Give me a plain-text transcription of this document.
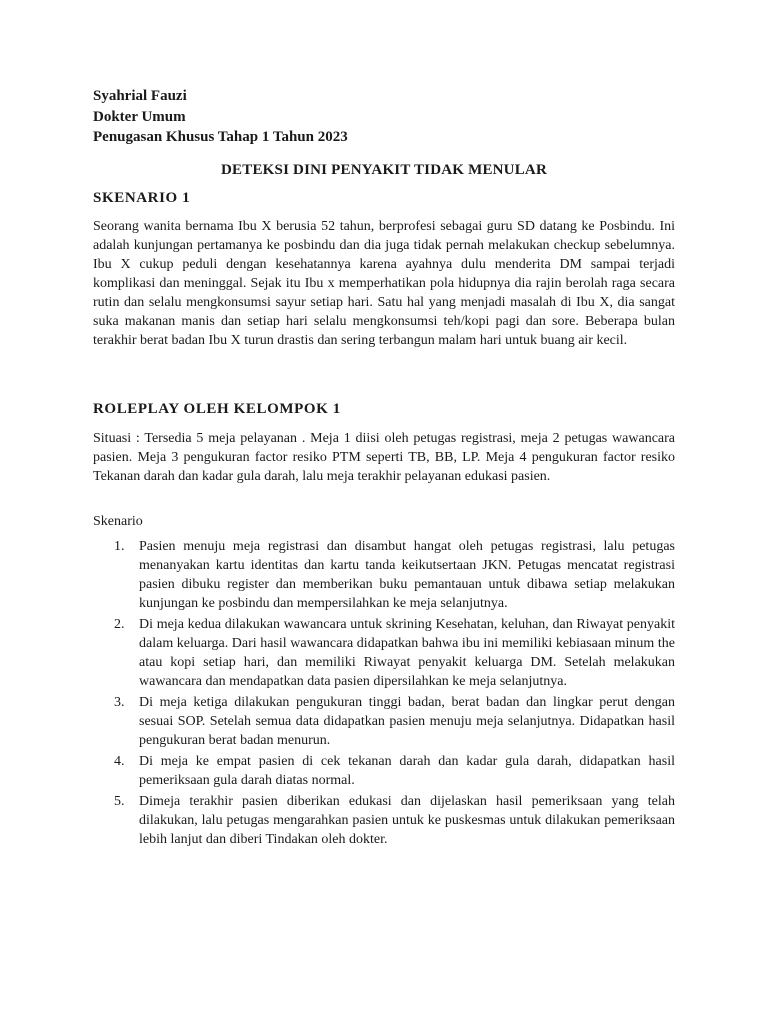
Syahrial Fauzi
Dokter Umum
Penugasan Khusus Tahap 1 Tahun 2023
DETEKSI DINI PENYAKIT TIDAK MENULAR
SKENARIO 1

Seorang wanita bernama Ibu X berusia 52 tahun, berprofesi sebagai guru SD datang ke Posbindu. Ini adalah kunjungan pertamanya ke posbindu dan dia juga tidak pernah melakukan checkup sebelumnya. Ibu X cukup peduli dengan kesehatannya karena ayahnya dulu menderita DM sampai terjadi komplikasi dan meninggal. Sejak itu Ibu x memperhatikan pola hidupnya dia rajin berolah raga secara rutin dan selalu mengkonsumsi sayur setiap hari. Satu hal yang menjadi masalah di Ibu X, dia sangat suka makanan manis dan setiap hari selalu mengkonsumsi teh/kopi pagi dan sore. Beberapa bulan terakhir berat badan Ibu X turun drastis dan sering terbangun malam hari untuk buang air kecil.

ROLEPLAY OLEH KELOMPOK 1

Situasi : Tersedia 5 meja pelayanan . Meja 1 diisi oleh petugas registrasi, meja 2 petugas wawancara pasien. Meja 3 pengukuran factor resiko PTM seperti TB, BB, LP. Meja 4 pengukuran factor resiko Tekanan darah dan kadar gula darah, lalu meja terakhir pelayanan edukasi pasien.

Skenario

1. Pasien menuju meja registrasi dan disambut hangat oleh petugas registrasi, lalu petugas menanyakan kartu identitas dan kartu tanda keikutsertaan JKN. Petugas mencatat registrasi pasien dibuku register dan memberikan buku pemantauan untuk dibawa setiap melakukan kunjungan ke posbindu dan mempersilahkan ke meja selanjutnya.
2. Di meja kedua dilakukan wawancara untuk skrining Kesehatan, keluhan, dan Riwayat penyakit dalam keluarga. Dari hasil wawancara didapatkan bahwa ibu ini memiliki kebiasaan minum the atau kopi setiap hari, dan memiliki Riwayat penyakit keluarga DM. Setelah melakukan wawancara dan mendapatkan data pasien dipersilahkan ke meja selanjutnya.
3. Di meja ketiga dilakukan pengukuran tinggi badan, berat badan dan lingkar perut dengan sesuai SOP. Setelah semua data didapatkan pasien menuju meja selanjutnya. Didapatkan hasil pengukuran berat badan menurun.
4. Di meja ke empat pasien di cek tekanan darah dan kadar gula darah, didapatkan hasil pemeriksaan gula darah diatas normal.
5. Dimeja terakhir pasien diberikan edukasi dan dijelaskan hasil pemeriksaan yang telah dilakukan, lalu petugas mengarahkan pasien untuk ke puskesmas untuk dilakukan pemeriksaan lebih lanjut dan diberi Tindakan oleh dokter.
